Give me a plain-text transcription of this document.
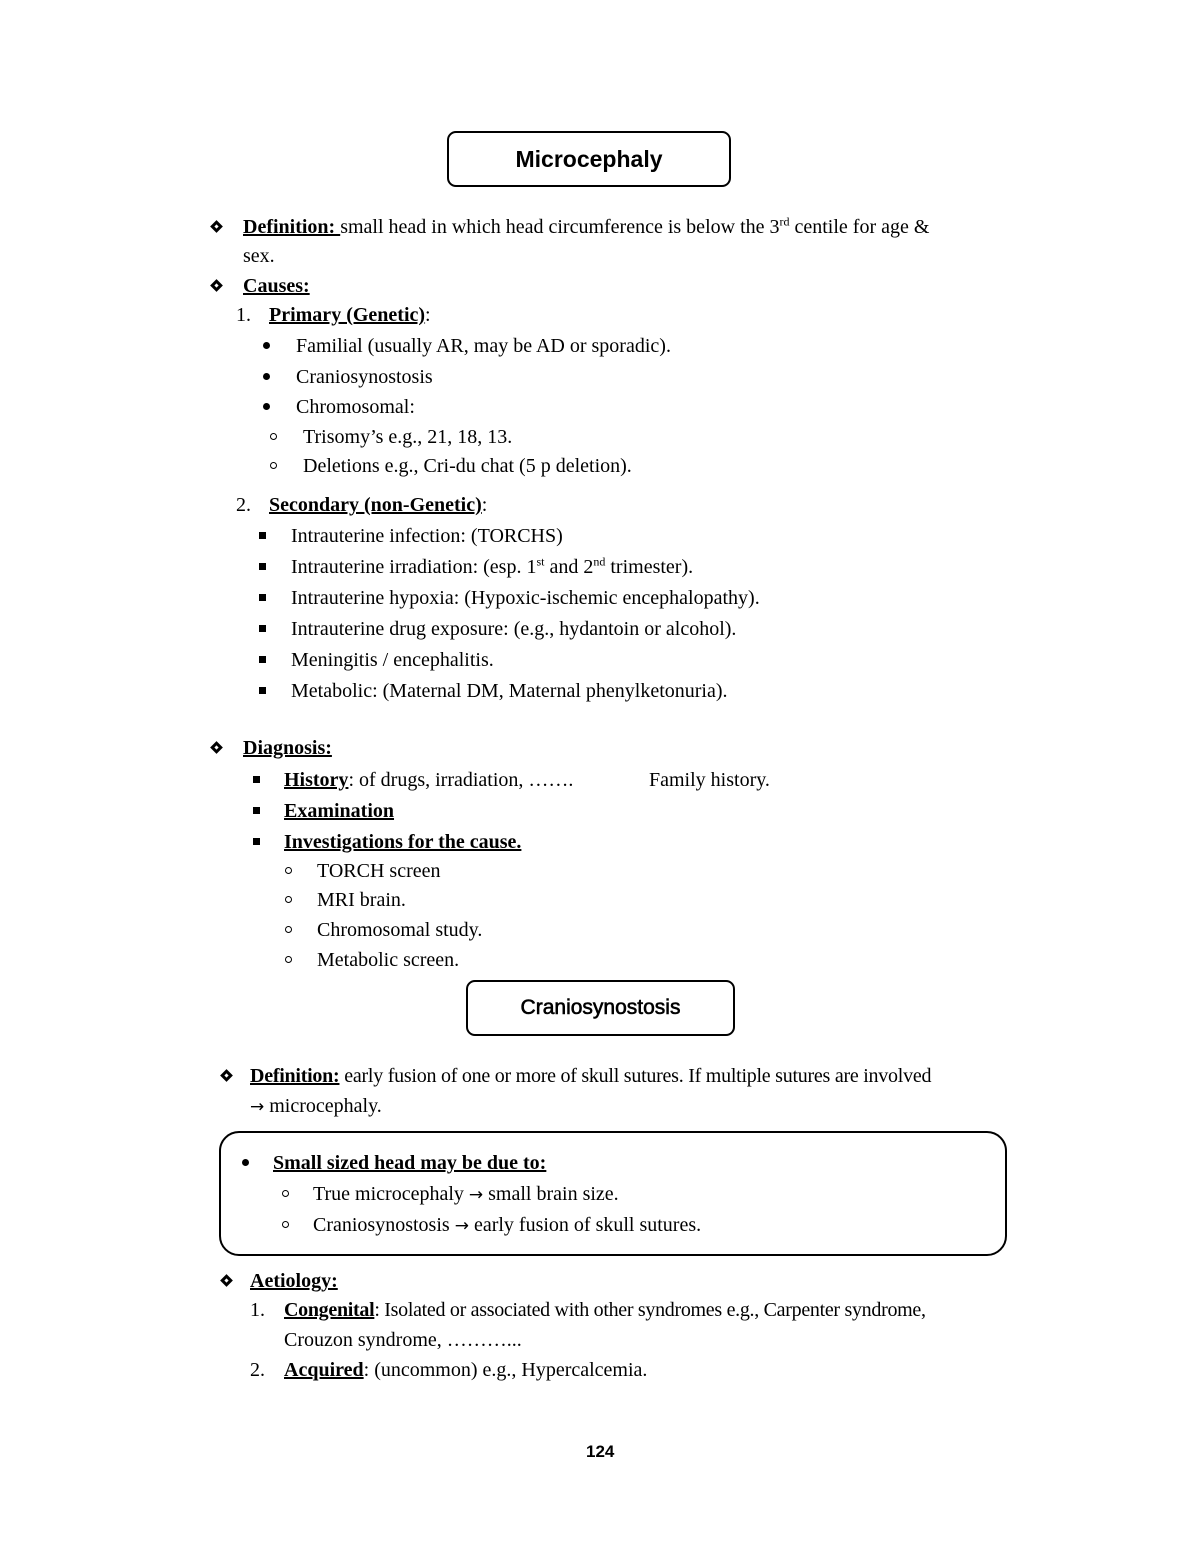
Microcephaly
Definition: small head in which head circumference is below the 3rd centile for age &
sex.
Causes:
1. Primary (Genetic):
Familial (usually AR, may be AD or sporadic).
Craniosynostosis
Chromosomal:
Trisomy’s e.g., 21, 18, 13.
Deletions e.g., Cri-du chat (5 p deletion).
2. Secondary (non-Genetic):
Intrauterine infection: (TORCHS)
Intrauterine irradiation: (esp. 1st and 2nd trimester).
Intrauterine hypoxia: (Hypoxic-ischemic encephalopathy).
Intrauterine drug exposure: (e.g., hydantoin or alcohol).
Meningitis / encephalitis.
Metabolic: (Maternal DM, Maternal phenylketonuria).
Diagnosis:
History: of drugs, irradiation, …….	Family history.
Examination
Investigations for the cause.
TORCH screen
MRI brain.
Chromosomal study.
Metabolic screen.
Craniosynostosis
Definition: early fusion of one or more of skull sutures. If multiple sutures are involved
→ microcephaly.
Small sized head may be due to:
True microcephaly → small brain size.
Craniosynostosis → early fusion of skull sutures.
Aetiology:
1. Congenital: Isolated or associated with other syndromes e.g., Carpenter syndrome,
Crouzon syndrome, ………...
2. Acquired: (uncommon) e.g., Hypercalcemia.
124
